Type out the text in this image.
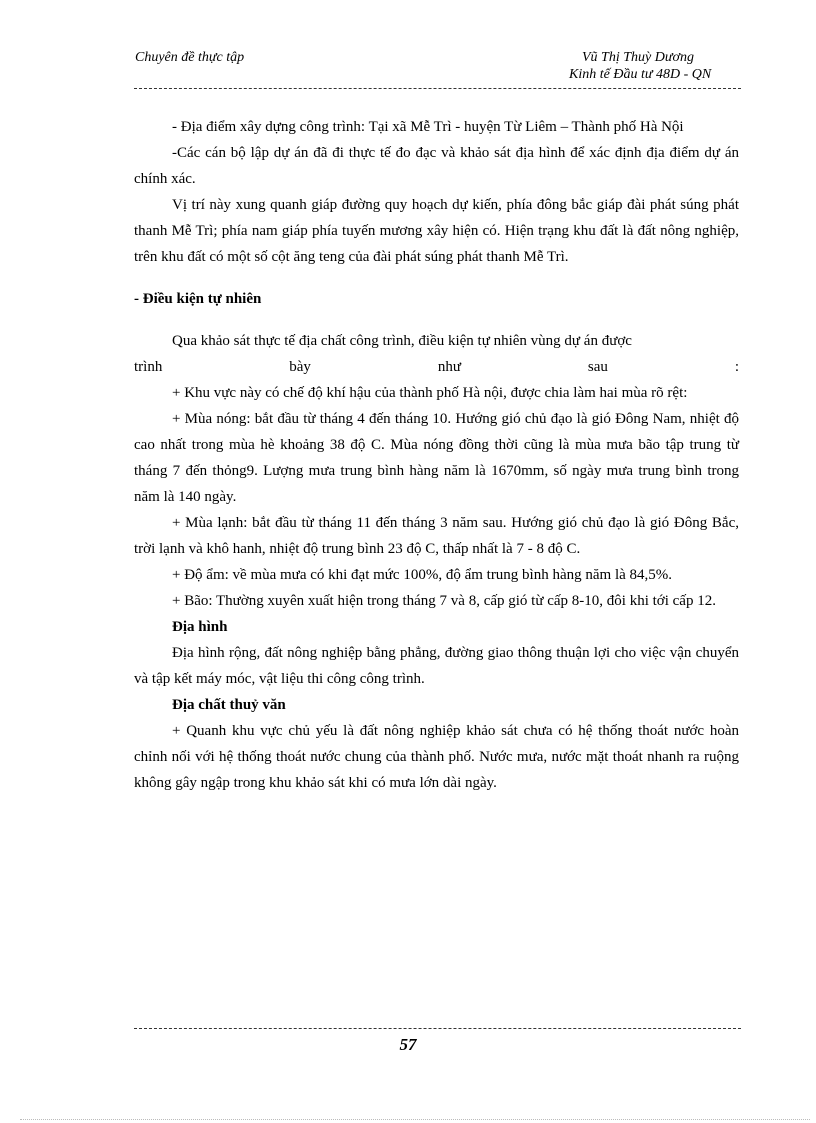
Chuyên đề thực tập	Vũ Thị Thuỳ Dương
Kinh tế Đầu tư 48D - QN

- Địa điểm xây dựng công trình: Tại xã Mễ Trì - huyện Từ Liêm – Thành phố Hà Nội

-Các cán bộ lập dự án đã đi thực tế đo đạc và khảo sát địa hình để xác định địa điểm dự án chính xác.

Vị trí này xung quanh giáp đường quy hoạch dự kiến, phía đông bắc giáp đài phát súng phát thanh Mễ Trì; phía nam giáp phía tuyến mương xây hiện có. Hiện trạng khu đất là đất nông nghiệp, trên khu đất có một số cột ăng teng của đài phát súng phát thanh Mễ Trì.

- Điều kiện tự nhiên

Qua khảo sát thực tế địa chất công trình, điều kiện tự nhiên vùng dự án được

trình bày như sau :

+ Khu vực này có chế độ khí hậu của thành phố Hà nội, được chia làm hai mùa rõ rệt:

+ Mùa nóng: bắt đầu từ tháng 4 đến tháng 10. Hướng gió chủ đạo là gió Đông Nam, nhiệt độ cao nhất trong mùa hè khoảng 38 độ C. Mùa nóng đồng thời cũng là mùa mưa bão tập trung từ tháng 7 đến thỏng9. Lượng mưa trung bình hàng năm là 1670mm, số ngày mưa trung bình trong năm là 140 ngày.

+ Mùa lạnh: bắt đầu từ tháng 11 đến tháng 3 năm sau. Hướng gió chủ đạo là gió Đông Bắc, trời lạnh và khô hanh, nhiệt độ trung bình 23 độ C, thấp nhất là 7 - 8 độ C.

+ Độ ẩm: về mùa mưa có khi đạt mức 100%, độ ẩm trung bình hàng năm là 84,5%.

+ Bão: Thường xuyên xuất hiện trong tháng 7 và 8, cấp gió từ cấp 8-10, đôi khi tới cấp 12.

Địa hình

Địa hình rộng, đất nông nghiệp bằng phẳng, đường giao thông thuận lợi cho việc vận chuyển và tập kết máy móc, vật liệu thi công công trình.

Địa chất thuỷ văn

+ Quanh khu vực chủ yếu là đất nông nghiệp khảo sát chưa có hệ thống thoát nước hoàn chỉnh nối với hệ thống thoát nước chung của thành phố. Nước mưa, nước mặt thoát nhanh ra ruộng không gây ngập trong khu khảo sát khi có mưa lớn dài ngày.

57
